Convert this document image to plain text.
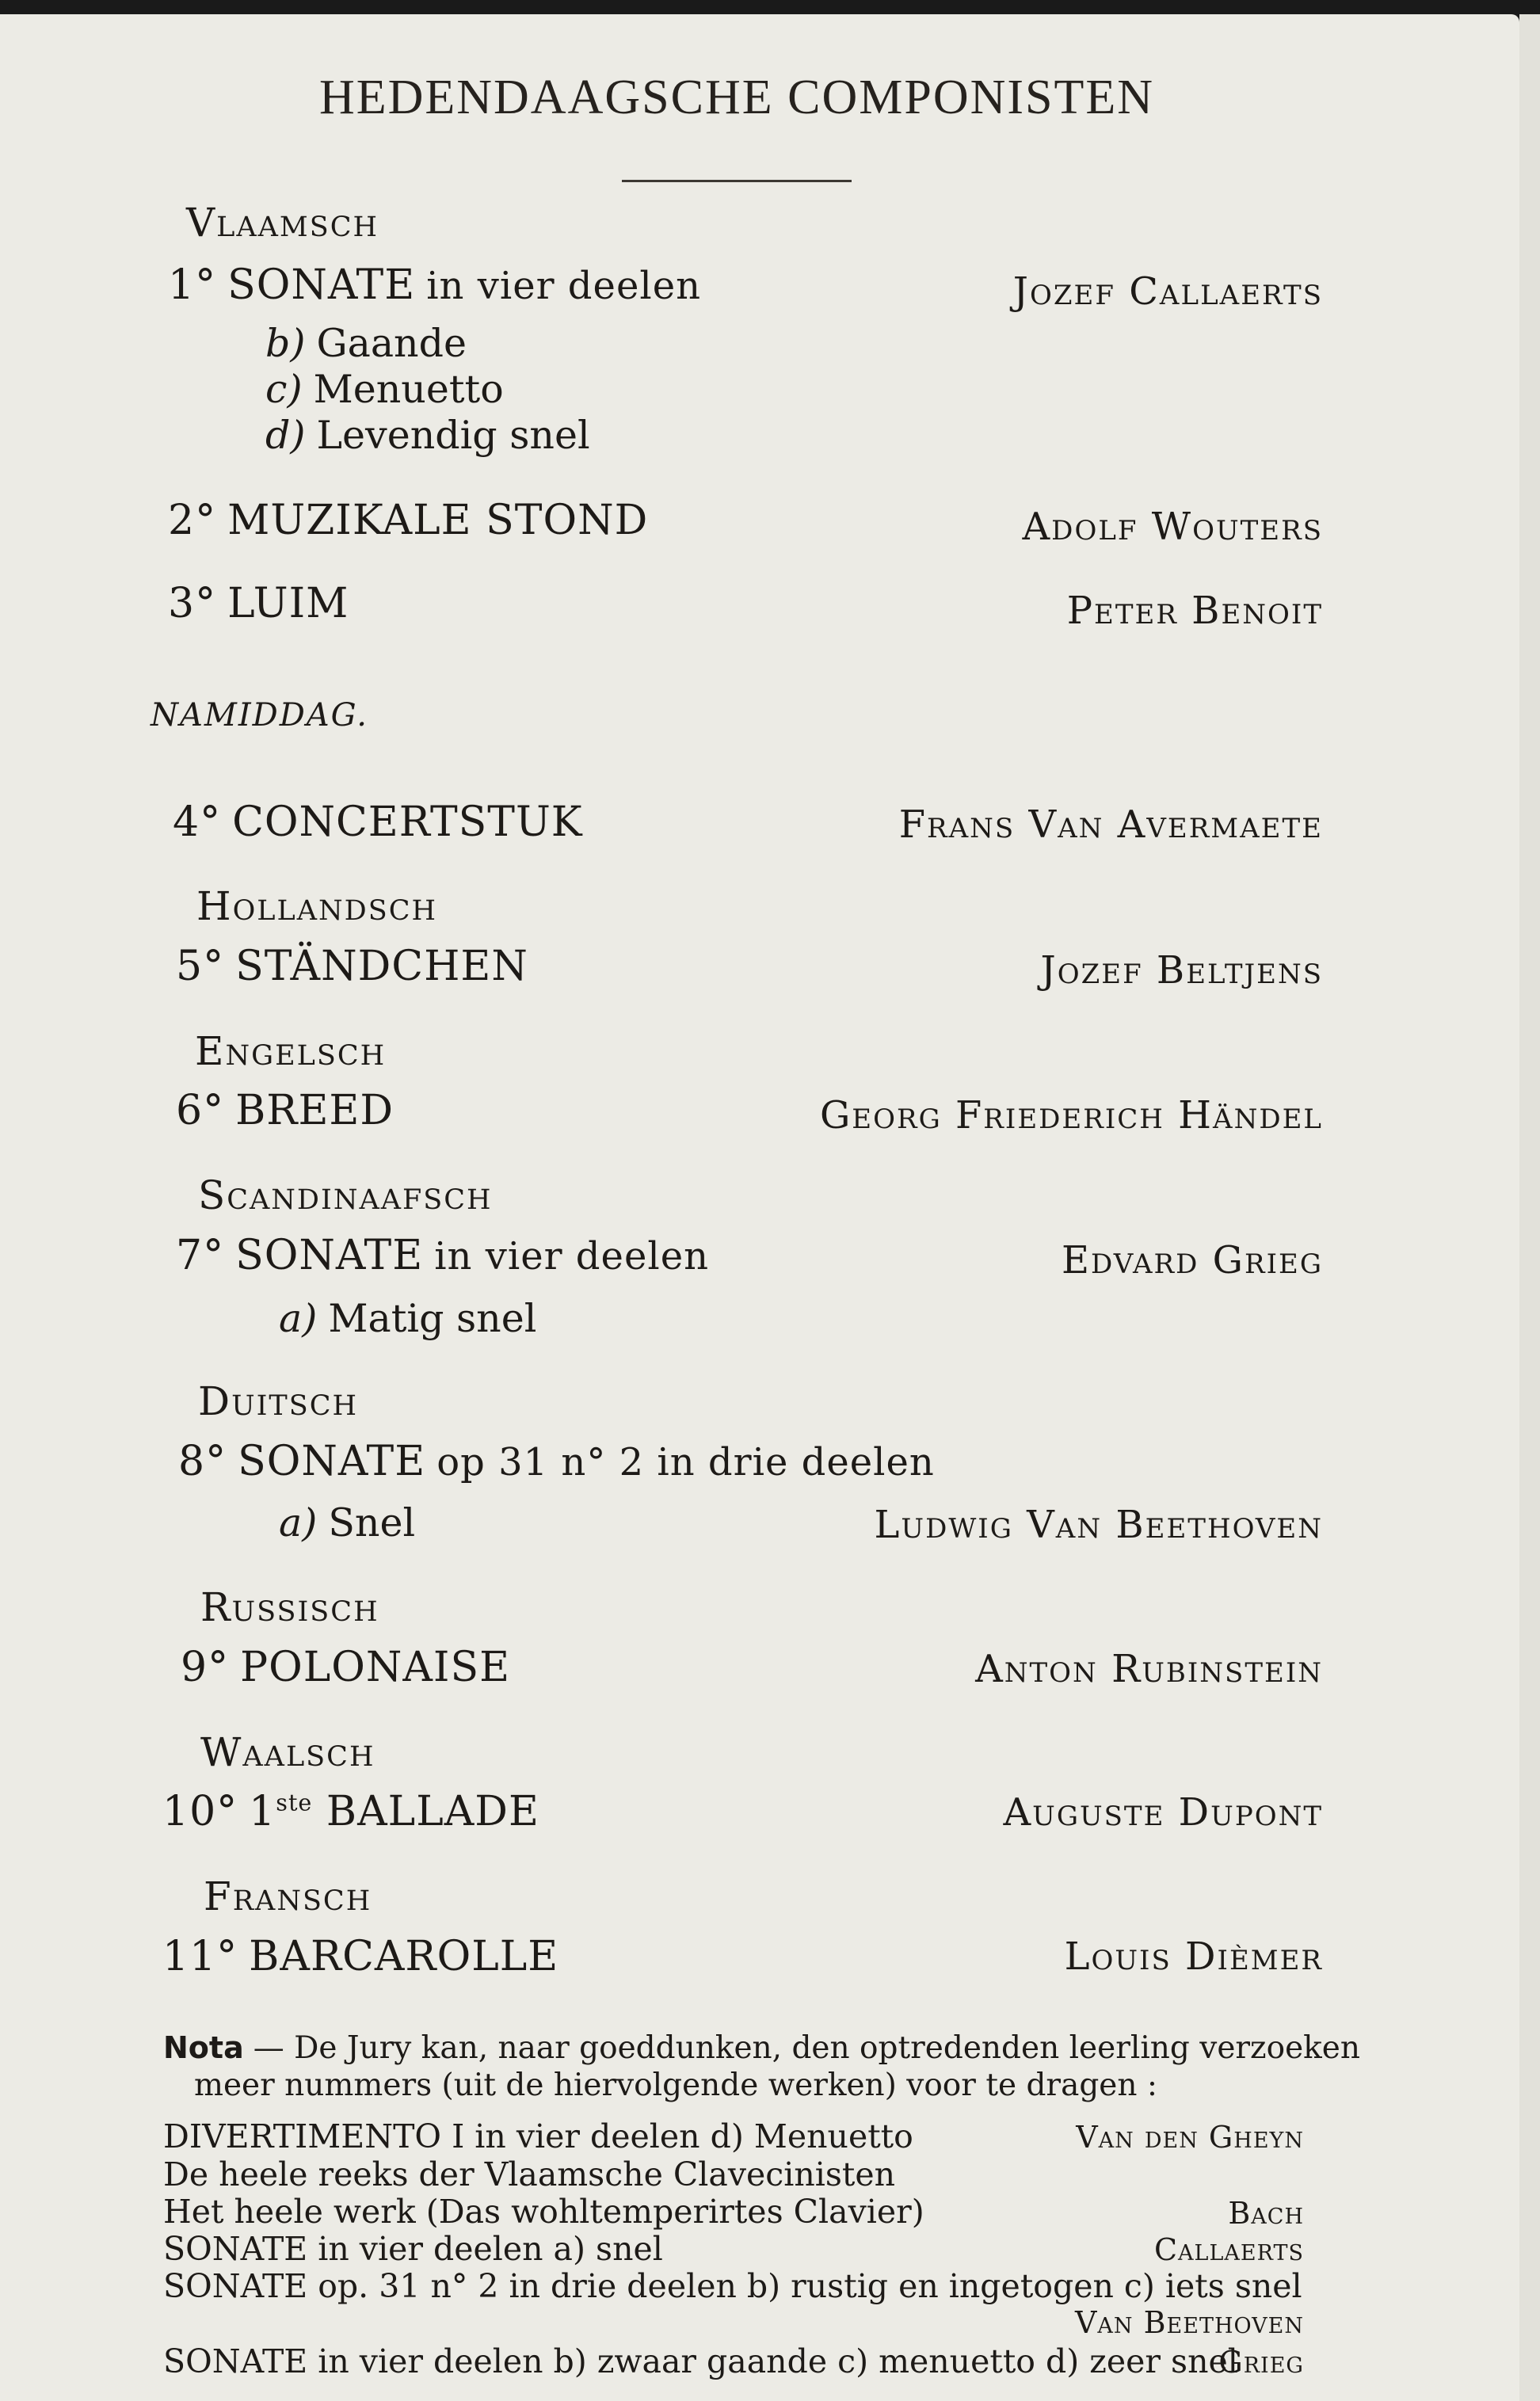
HEDENDAAGSCHE COMPONISTEN
Vlaamsch
1° SONATE in vier deelen	Jozef Callaerts
b) Gaande
c) Menuetto
d) Levendig snel
2° MUZIKALE STOND	Adolf Wouters
3° LUIM	Peter Benoit
NAMIDDAG.
4° CONCERTSTUK	Frans Van Avermaete
Hollandsch
5° STÄNDCHEN	Jozef Beltjens
Engelsch
6° BREED	Georg Friederich Händel
Scandinaafsch
7° SONATE in vier deelen	Edvard Grieg
a) Matig snel
Duitsch
8° SONATE op 31 n° 2 in drie deelen
a) Snel	Ludwig Van Beethoven
Russisch
9° POLONAISE	Anton Rubinstein
Waalsch
10° 1ste BALLADE	Auguste Dupont
Fransch
11° BARCAROLLE	Louis Dièmer
Nota — De Jury kan, naar goeddunken, den optredenden leerling verzoeken
meer nummers (uit de hiervolgende werken) voor te dragen :
DIVERTIMENTO I in vier deelen d) Menuetto	Van den Gheyn
De heele reeks der Vlaamsche Clavecinisten
Het heele werk (Das wohltemperirtes Clavier)	Bach
SONATE in vier deelen a) snel	Callaerts
SONATE op. 31 n° 2 in drie deelen b) rustig en ingetogen c) iets snel
Van Beethoven
SONATE in vier deelen b) zwaar gaande c) menuetto d) zeer snel
Grieg
